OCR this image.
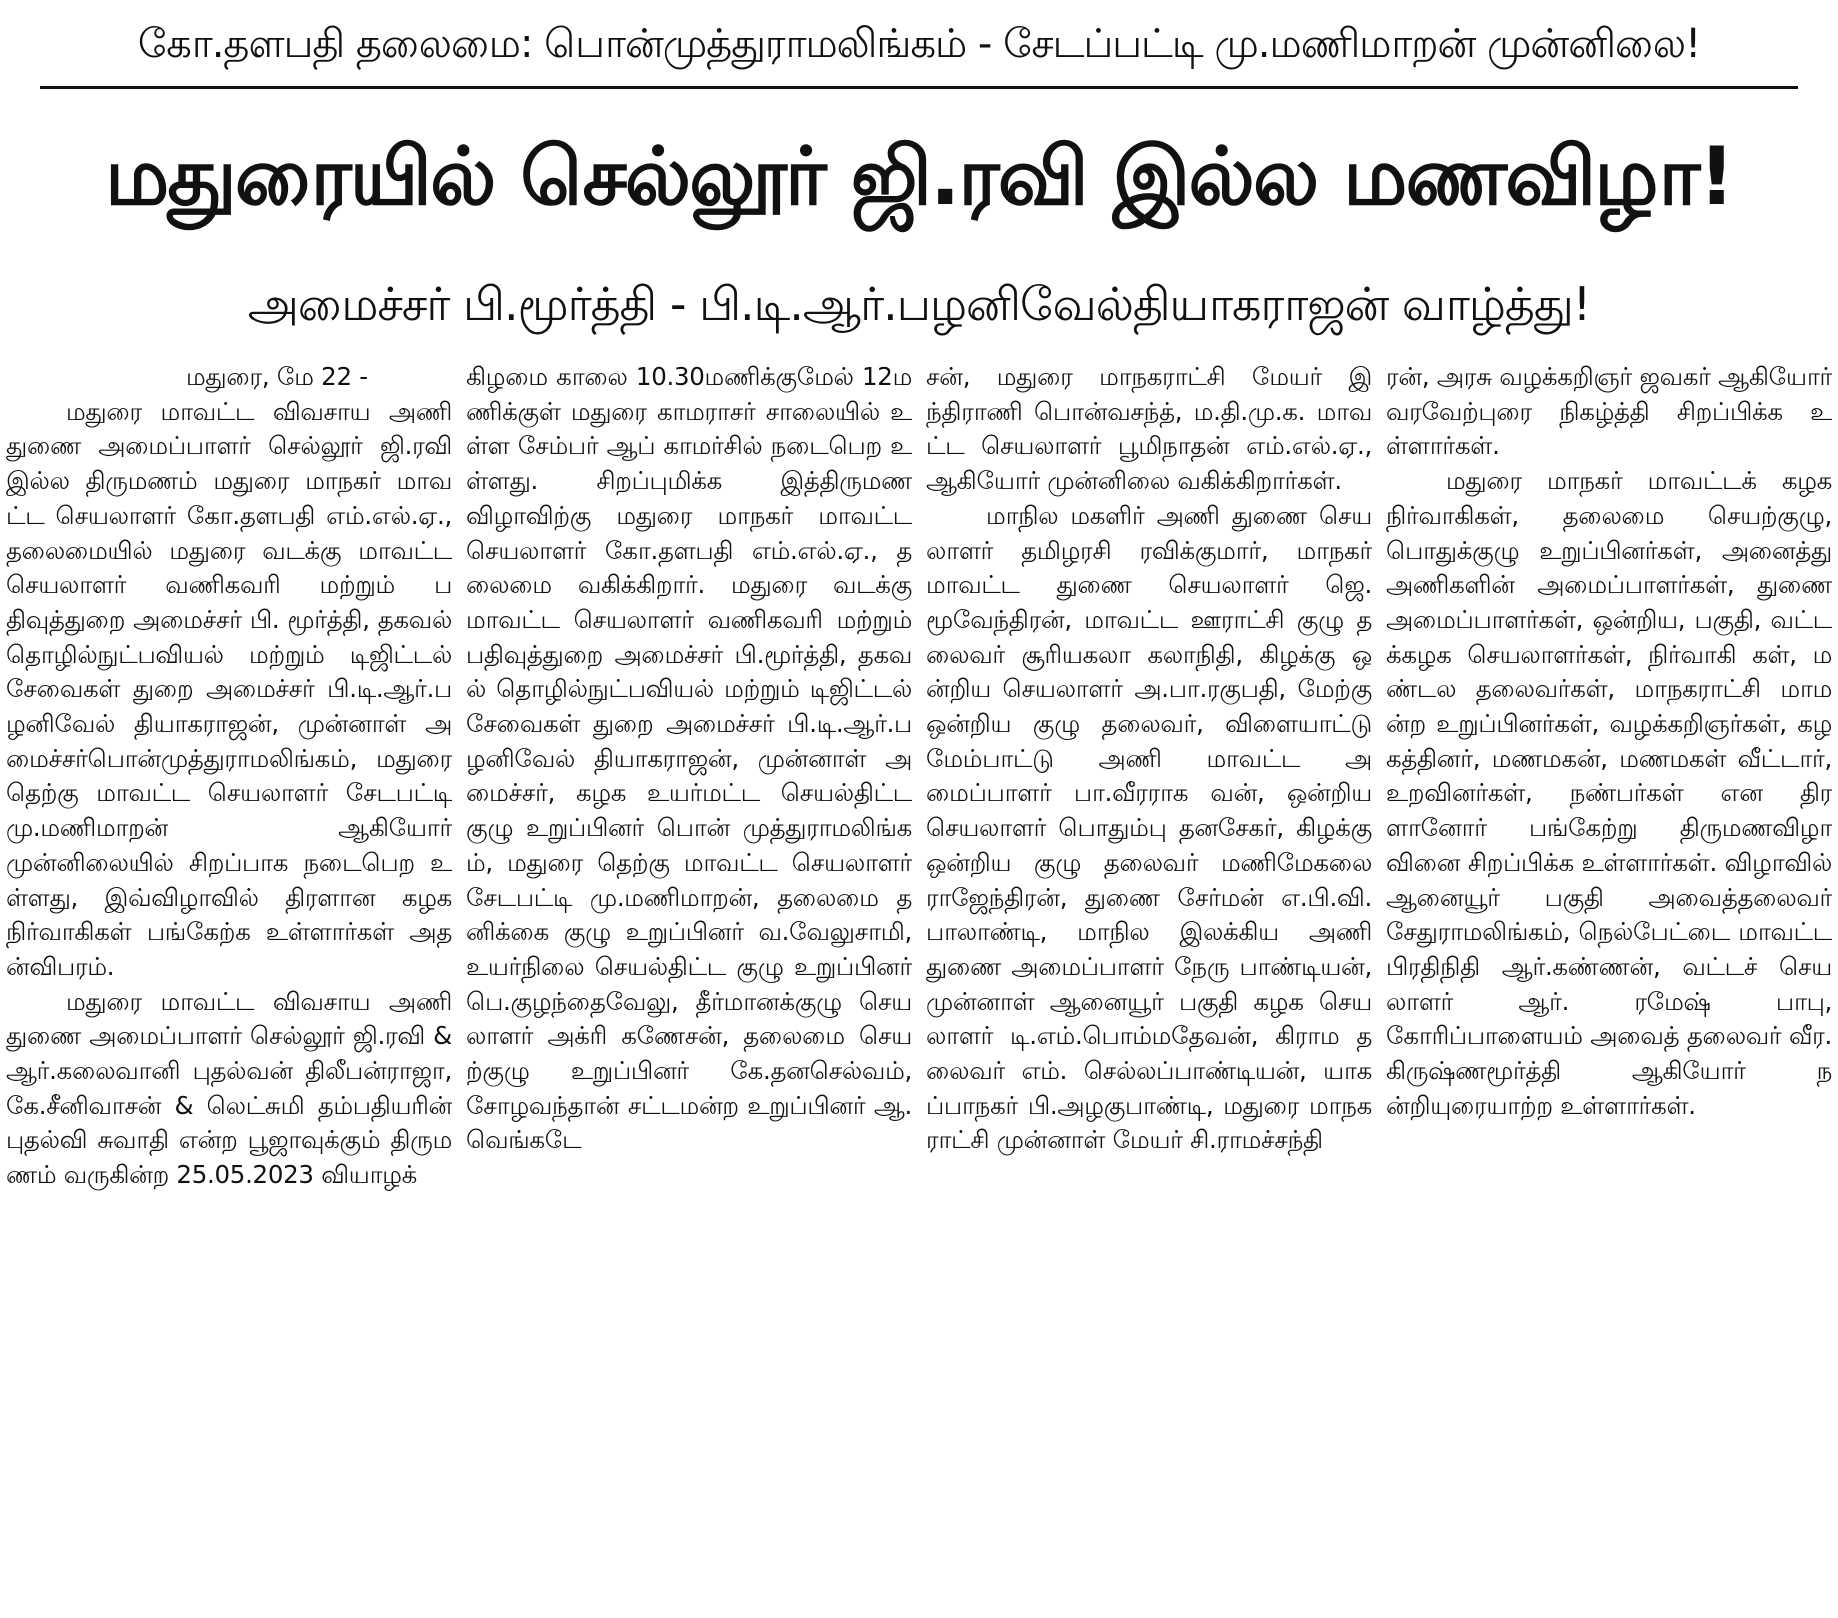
கோ.தளபதி தலைமை: பொன்முத்துராமலிங்கம் - சேடப்பட்டி மு.மணிமாறன் முன்னிலை!
மதுரையில் செல்லூர் ஜி.ரவி இல்ல மணவிழா!
அமைச்சர் பி.மூர்த்தி - பி.டி.ஆர்.பழனிவேல்தியாகராஜன் வாழ்த்து!

மதுரை, மே 22 -

மதுரை மாவட்ட விவசாய அணி துணை அமைப்பாளர் செல்லூர் ஜி.ரவி இல்ல திருமணம் மதுரை மாநகர் மாவட்ட செயலாளர் கோ.தளபதி எம்.எல்.ஏ., தலைமையில் மதுரை வடக்கு மாவட்ட செயலாளர் வணிகவரி மற்றும் பதிவுத்துறை அமைச்சர் பி. மூர்த்தி, தகவல் தொழில்நுட்பவியல் மற்றும் டிஜிட்டல் சேவைகள் துறை அமைச்சர் பி.டி.ஆர்.பழனிவேல் தியாகராஜன், முன்னாள் அமைச்சர்பொன்முத்துராமலிங்கம், மதுரை தெற்கு மாவட்ட செயலாளர் சேடபட்டி மு.மணிமாறன் ஆகியோர் முன்னிலையில் சிறப்பாக நடைபெற உள்ளது, இவ்விழாவில் திரளான கழக நிர்வாகிகள் பங்கேற்க உள்ளார்கள் அதன்விபரம்.

மதுரை மாவட்ட விவசாய அணி துணை அமைப்பாளர் செல்லூர் ஜி.ரவி & ஆர்.கலைவானி புதல்வன் திலீபன்ராஜா, கே.சீனிவாசன் & லெட்சுமி தம்பதியரின் புதல்வி சுவாதி என்ற பூஜாவுக்கும் திருமணம் வருகின்ற 25.05.2023 வியாழக்

கிழமை காலை 10.30மணிக்குமேல் 12மணிக்குள் மதுரை காமராசர் சாலையில் உள்ள சேம்பர் ஆப் காமர்சில் நடைபெற உள்ளது. சிறப்புமிக்க இத்திருமண விழாவிற்கு மதுரை மாநகர் மாவட்ட செயலாளர் கோ.தளபதி எம்.எல்.ஏ., தலைமை வகிக்கிறார். மதுரை வடக்கு மாவட்ட செயலாளர் வணிகவரி மற்றும் பதிவுத்துறை அமைச்சர் பி.மூர்த்தி, தகவல் தொழில்நுட்பவியல் மற்றும் டிஜிட்டல் சேவைகள் துறை அமைச்சர் பி.டி.ஆர்.பழனிவேல் தியாகராஜன், முன்னாள் அமைச்சர், கழக உயர்மட்ட செயல்திட்ட குழு உறுப்பினர் பொன் முத்துராமலிங்கம், மதுரை தெற்கு மாவட்ட செயலாளர் சேடபட்டி மு.மணிமாறன், தலைமை தனிக்கை குழு உறுப்பினர் வ.வேலுசாமி, உயர்நிலை செயல்திட்ட குழு உறுப்பினர் பெ.குழந்தைவேலு, தீர்மானக்குழு செயலாளர் அக்ரி கணேசன், தலைமை செயற்குழு உறுப்பினர் கே.தனசெல்வம், சோழவந்தான் சட்டமன்ற உறுப்பினர் ஆ.வெங்கடே

சன், மதுரை மாநகராட்சி மேயர் இந்திராணி பொன்வசந்த், ம.தி.மு.க. மாவட்ட செயலாளர் பூமிநாதன் எம்.எல்.ஏ., ஆகியோர் முன்னிலை வகிக்கிறார்கள்.

மாநில மகளிர் அணி துணை செயலாளர் தமிழரசி ரவிக்குமார், மாநகர் மாவட்ட துணை செயலாளர் ஜெ.மூவேந்திரன், மாவட்ட ஊராட்சி குழு தலைவர் சூரியகலா கலாநிதி, கிழக்கு ஒன்றிய செயலாளர் அ.பா.ரகுபதி, மேற்கு ஒன்றிய குழு தலைவர், விளையாட்டு மேம்பாட்டு அணி மாவட்ட அமைப்பாளர் பா.வீரராக வன், ஒன்றிய செயலாளர் பொதும்பு தனசேகர், கிழக்கு ஒன்றிய குழு தலைவர் மணிமேகலை ராஜேந்திரன், துணை சேர்மன் எ.பி.வி.பாலாண்டி, மாநில இலக்கிய அணி துணை அமைப்பாளர் நேரு பாண்டியன், முன்னாள் ஆனையூர் பகுதி கழக செயலாளர் டி.எம்.பொம்மதேவன், கிராம தலைவர் எம். செல்லப்பாண்டியன், யாகப்பாநகர் பி.அழகுபாண்டி, மதுரை மாநகராட்சி முன்னாள் மேயர் சி.ராமச்சந்தி

ரன், அரசு வழக்கறிஞர் ஜவகர் ஆகியோர் வரவேற்புரை நிகழ்த்தி சிறப்பிக்க உள்ளார்கள்.

மதுரை மாநகர் மாவட்டக் கழக நிர்வாகிகள், தலைமை செயற்குழு, பொதுக்குழு உறுப்பினர்கள், அனைத்து அணிகளின் அமைப்பாளர்கள், துணை அமைப்பாளர்கள், ஒன்றிய, பகுதி, வட்டக்கழக செயலாளர்கள், நிர்வாகி கள், மண்டல தலைவர்கள், மாநகராட்சி மாமன்ற உறுப்பினர்கள், வழக்கறிஞர்கள், கழகத்தினர், மணமகன், மணமகள் வீட்டார், உறவினர்கள், நண்பர்கள் என திரளானோர் பங்கேற்று திருமணவிழா வினை சிறப்பிக்க உள்ளார்கள். விழாவில் ஆனையூர் பகுதி அவைத்தலைவர் சேதுராமலிங்கம், நெல்பேட்டை மாவட்ட பிரதிநிதி ஆர்.கண்ணன், வட்டச் செயலாளர் ஆர். ரமேஷ் பாபு, கோரிப்பாளையம் அவைத் தலைவர் வீர.கிருஷ்ணமூர்த்தி ஆகியோர் நன்றியுரையாற்ற உள்ளார்கள்.
